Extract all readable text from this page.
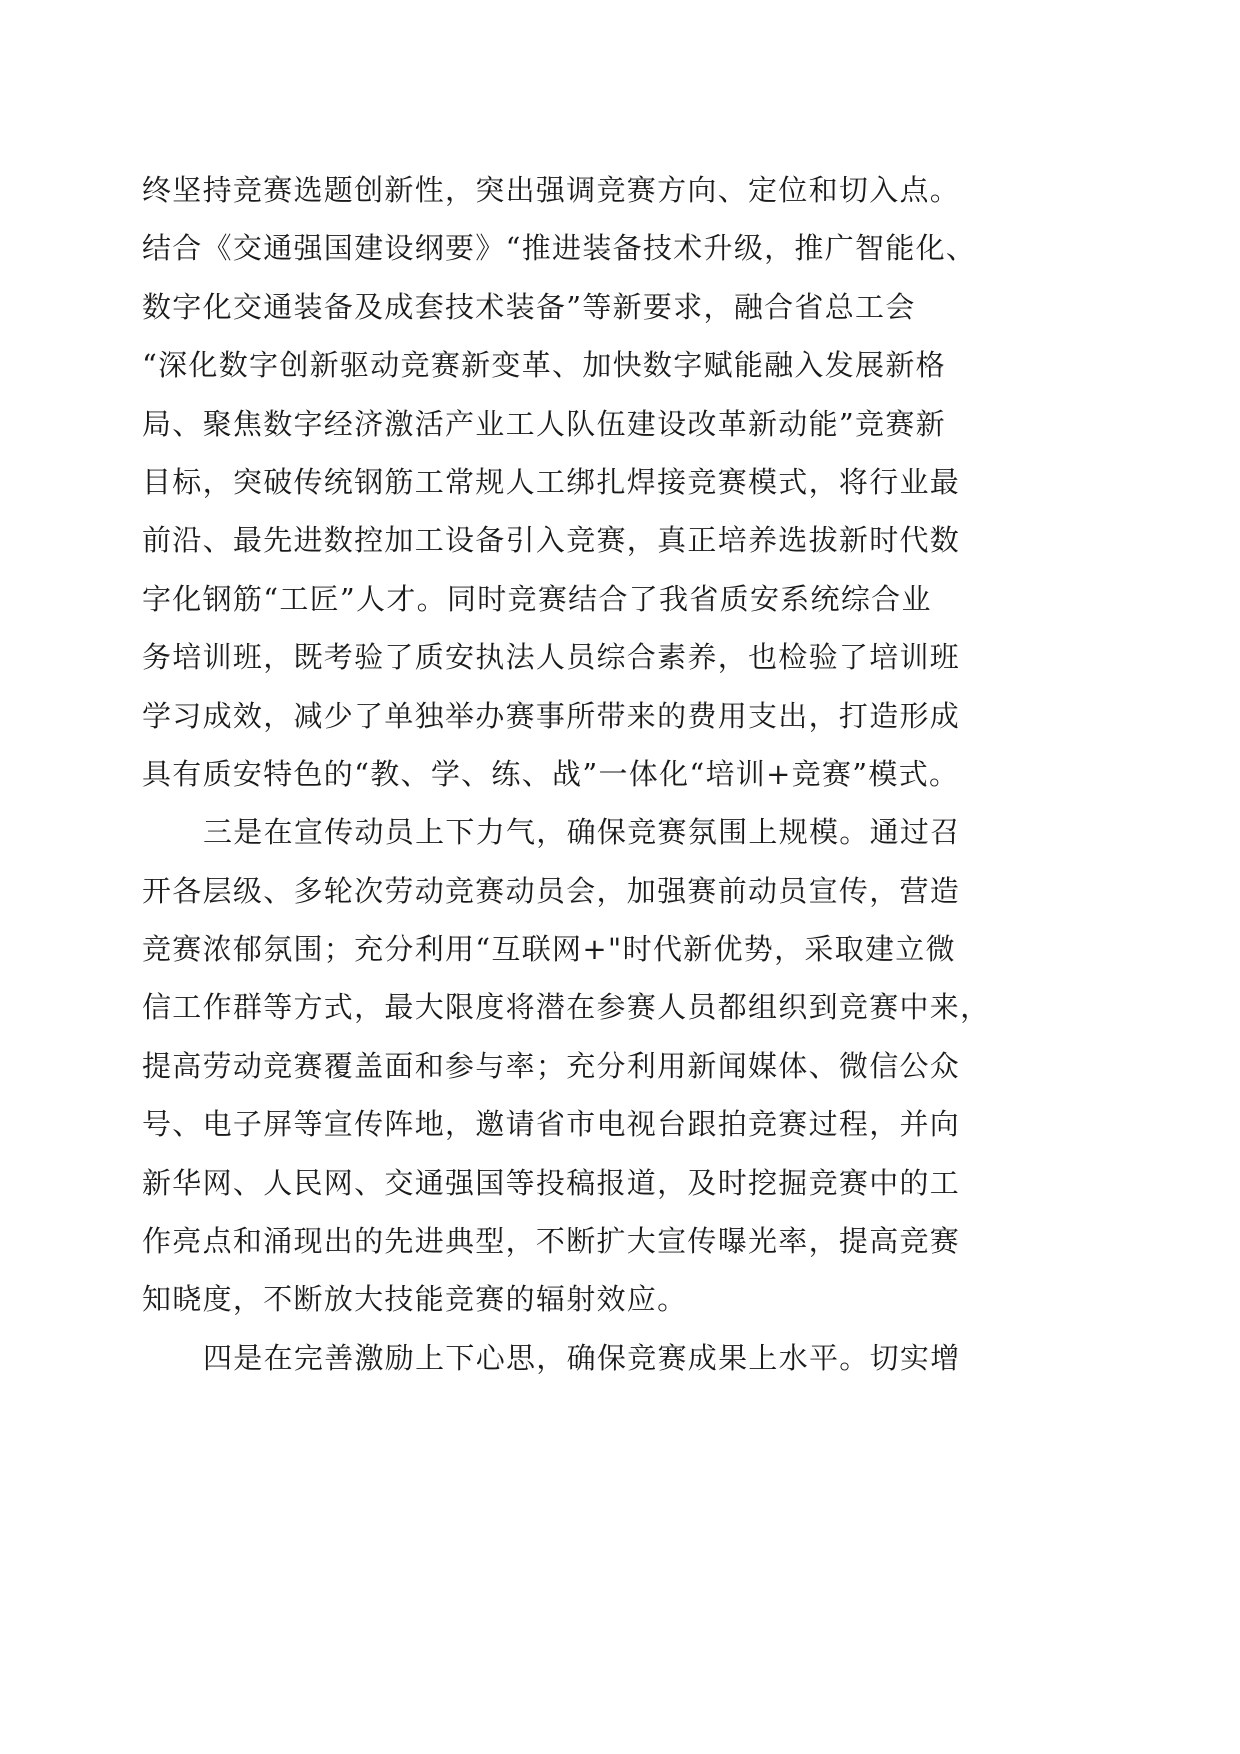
终坚持竞赛选题创新性，突出强调竞赛方向、定位和切入点。
结合《交通强国建设纲要》“推进装备技术升级，推广智能化、
数字化交通装备及成套技术装备”等新要求，融合省总工会
“深化数字创新驱动竞赛新变革、加快数字赋能融入发展新格
局、聚焦数字经济激活产业工人队伍建设改革新动能”竞赛新
目标，突破传统钢筋工常规人工绑扎焊接竞赛模式，将行业最
前沿、最先进数控加工设备引入竞赛，真正培养选拔新时代数
字化钢筋“工匠”人才。同时竞赛结合了我省质安系统综合业
务培训班，既考验了质安执法人员综合素养，也检验了培训班
学习成效，减少了单独举办赛事所带来的费用支出，打造形成
具有质安特色的“教、学、练、战”一体化“培训+竞赛”模式。
三是在宣传动员上下力气，确保竞赛氛围上规模。通过召
开各层级、多轮次劳动竞赛动员会，加强赛前动员宣传，营造
竞赛浓郁氛围；充分利用“互联网+"时代新优势，采取建立微
信工作群等方式，最大限度将潜在参赛人员都组织到竞赛中来，
提高劳动竞赛覆盖面和参与率；充分利用新闻媒体、微信公众
号、电子屏等宣传阵地，邀请省市电视台跟拍竞赛过程，并向
新华网、人民网、交通强国等投稿报道，及时挖掘竞赛中的工
作亮点和涌现出的先进典型，不断扩大宣传曝光率，提高竞赛
知晓度，不断放大技能竞赛的辐射效应。
四是在完善激励上下心思，确保竞赛成果上水平。切实增
